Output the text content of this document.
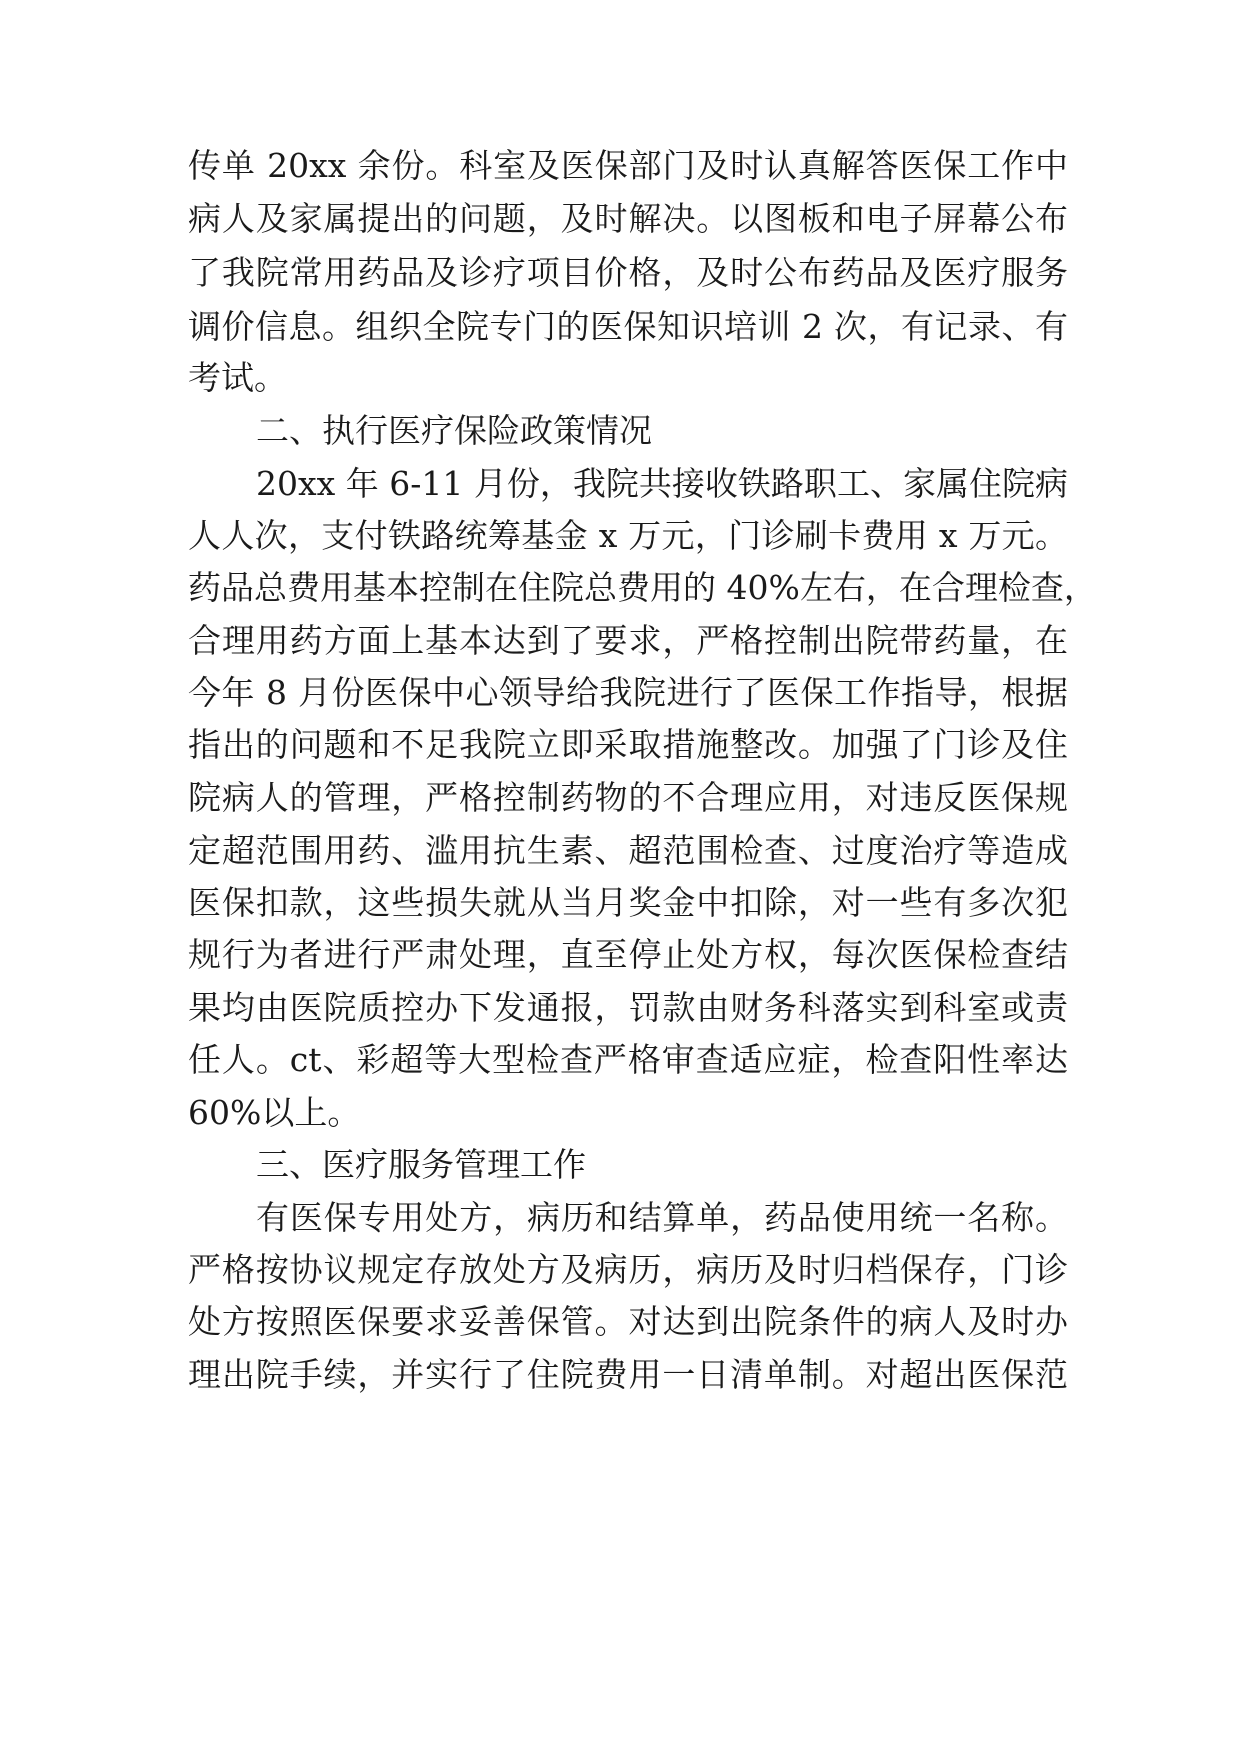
传单 20xx 余份。科室及医保部门及时认真解答医保工作中
病人及家属提出的问题，及时解决。以图板和电子屏幕公布
了我院常用药品及诊疗项目价格，及时公布药品及医疗服务
调价信息。组织全院专门的医保知识培训 2 次，有记录、有
考试。
二、执行医疗保险政策情况
20xx 年 6-11 月份，我院共接收铁路职工、家属住院病
人人次，支付铁路统筹基金 x 万元，门诊刷卡费用 x 万元。
药品总费用基本控制在住院总费用的 40%左右，在合理检查，
合理用药方面上基本达到了要求，严格控制出院带药量，在
今年 8 月份医保中心领导给我院进行了医保工作指导，根据
指出的问题和不足我院立即采取措施整改。加强了门诊及住
院病人的管理，严格控制药物的不合理应用，对违反医保规
定超范围用药、滥用抗生素、超范围检查、过度治疗等造成
医保扣款，这些损失就从当月奖金中扣除，对一些有多次犯
规行为者进行严肃处理，直至停止处方权，每次医保检查结
果均由医院质控办下发通报，罚款由财务科落实到科室或责
任人。ct、彩超等大型检查严格审查适应症，检查阳性率达
60%以上。
三、医疗服务管理工作
有医保专用处方，病历和结算单，药品使用统一名称。
严格按协议规定存放处方及病历，病历及时归档保存，门诊
处方按照医保要求妥善保管。对达到出院条件的病人及时办
理出院手续，并实行了住院费用一日清单制。对超出医保范
